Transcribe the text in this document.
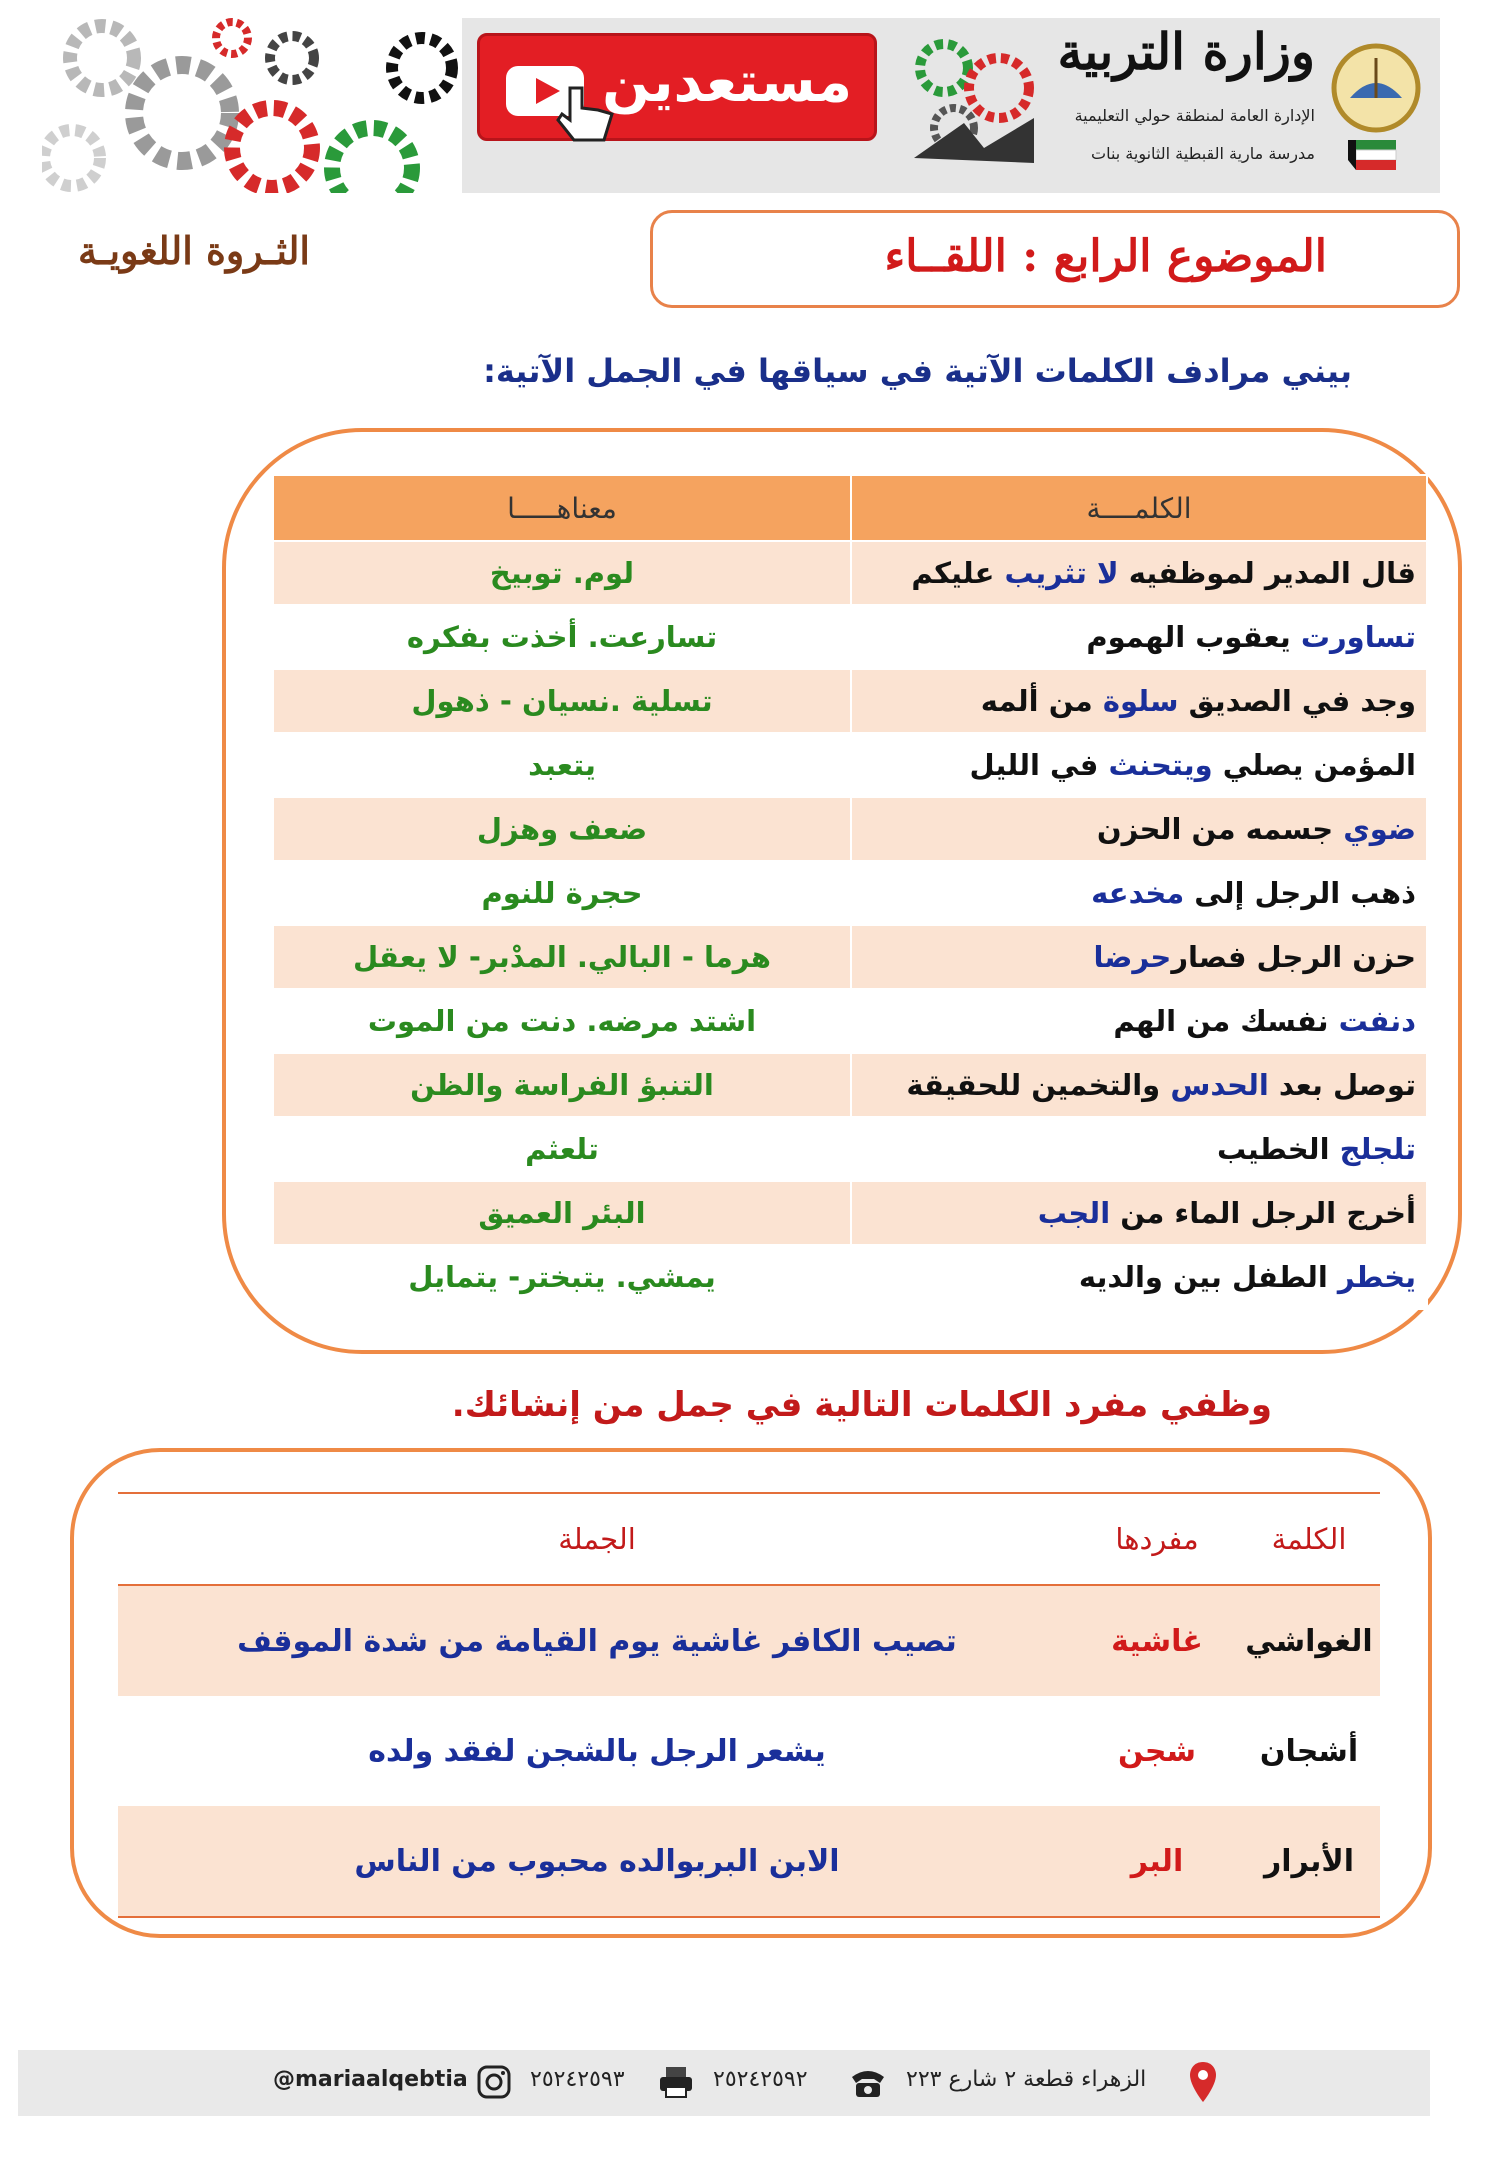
مستعدين	وزارة التربية
الإدارة العامة لمنطقة حولي التعليمية
مدرسة مارية القبطية الثانوية بنات
الموضوع الرابع : اللقــاء
الثـروة اللغويـة
بيني مرادف الكلمات الآتية في سياقها في الجمل الآتية:
الكلمــــة	معناهـــــا
قال المدير لموظفيه لا تثريب عليكم	لوم. توبيخ
تساورت يعقوب الهموم	تسارعت. أخذت بفكره
وجد في الصديق سلوة من ألمه	تسلية .نسيان - ذهول
المؤمن يصلي ويتحنث في الليل	يتعبد
ضوي جسمه من الحزن	ضعف وهزل
ذهب الرجل إلى مخدعه	حجرة للنوم
حزن الرجل فصارحرضا	هرما - البالي. المدْبر- لا يعقل
دنفت نفسك من الهم	اشتد مرضه. دنت من الموت
توصل بعد الحدس والتخمين للحقيقة	التنبؤ الفراسة والظن
تلجلج الخطيب	تلعثم
أخرج الرجل الماء من الجب	البئر العميق
يخطر الطفل بين والديه	يمشي. يتبختر- يتمايل
وظفي مفرد الكلمات التالية في جمل من إنشائك.
الكلمة	مفردها	الجملة
الغواشي	غاشية	تصيب الكافر غاشية يوم القيامة من شدة الموقف
أشجان	شجن	يشعر الرجل بالشجن لفقد ولده
الأبرار	البر	الابن البربوالده محبوب من الناس
@mariaalqebtia	٢٥٢٤٢٥٩٣	٢٥٢٤٢٥٩٢	الزهراء قطعة ٢ شارع ٢٢٣
